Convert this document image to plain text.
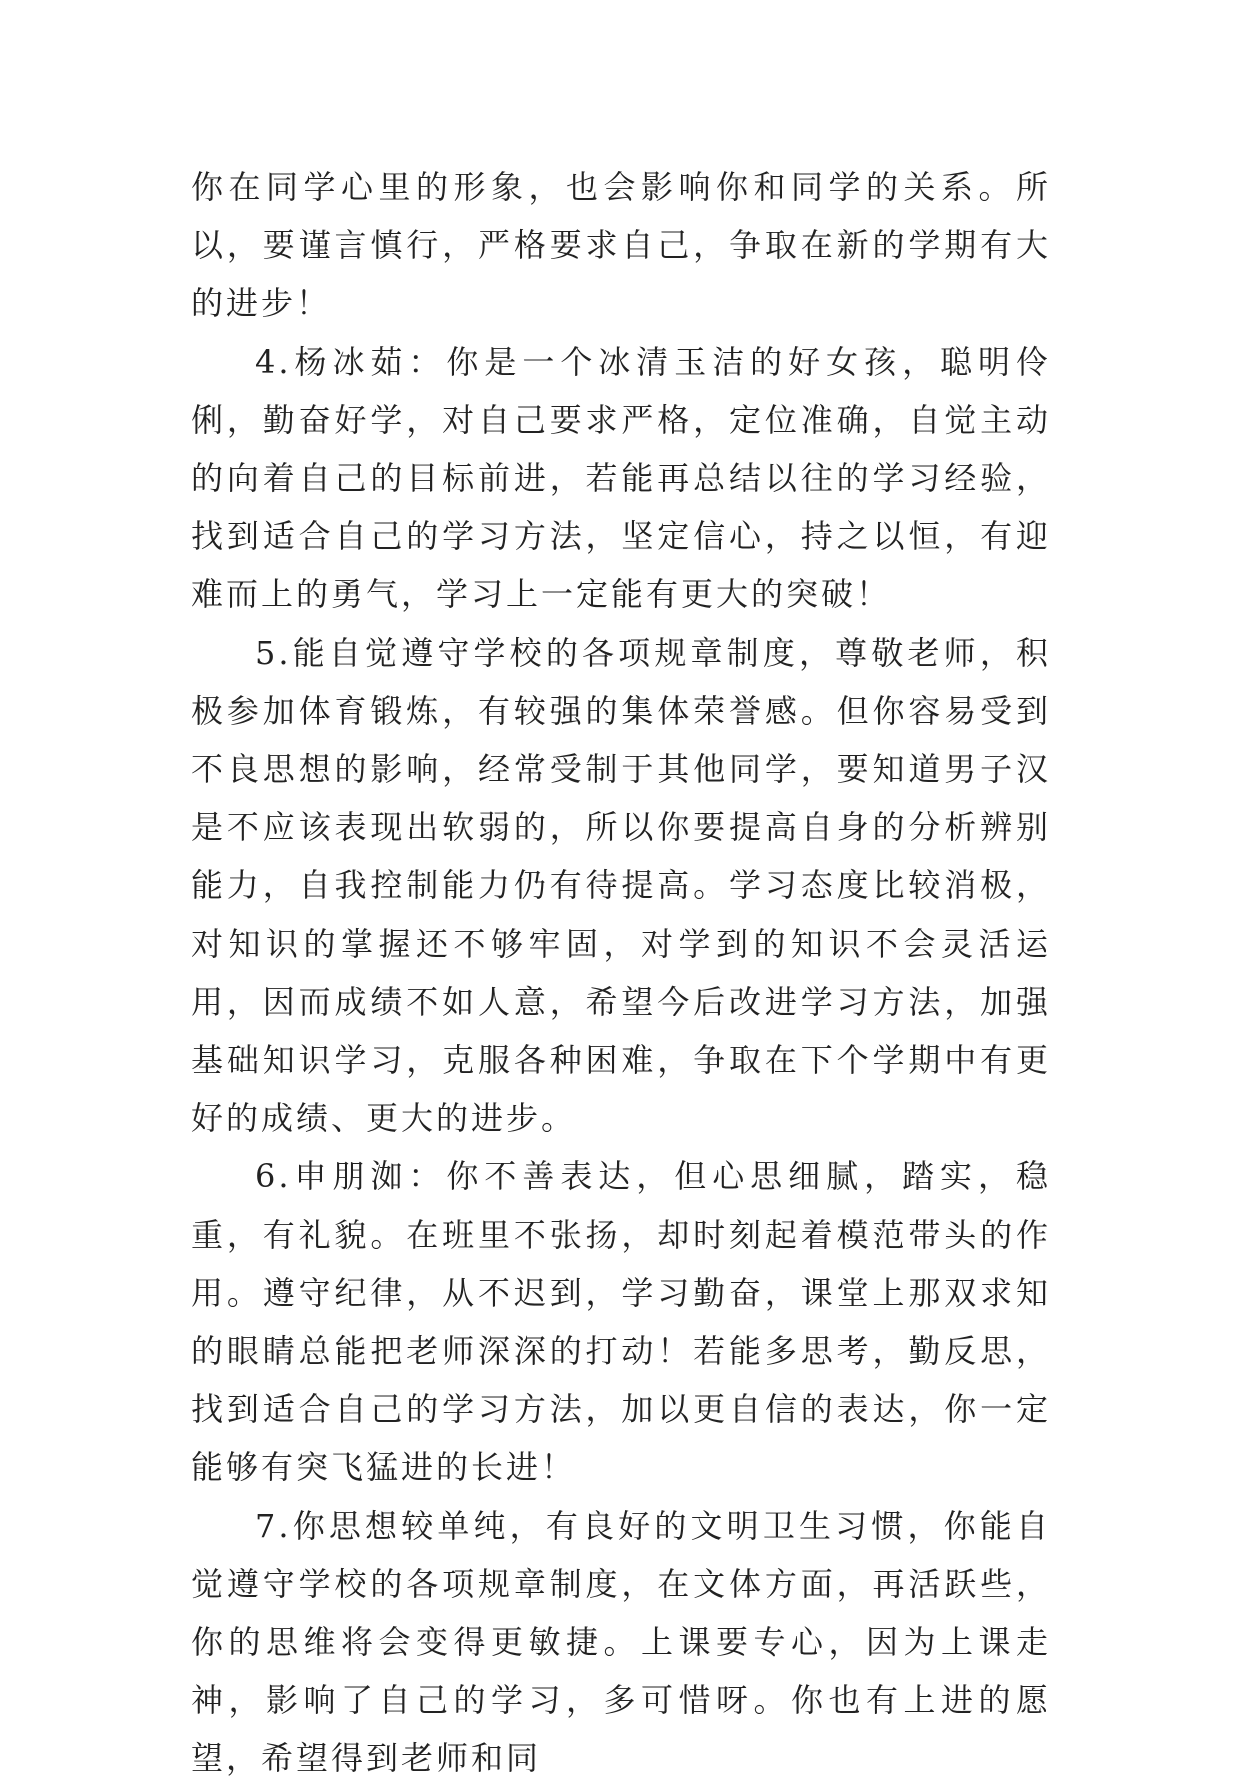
你在同学心里的形象，也会影响你和同学的关系。所以，要谨言慎行，严格要求自己，争取在新的学期有大的进步！

4.杨冰茹：你是一个冰清玉洁的好女孩，聪明伶俐，勤奋好学，对自己要求严格，定位准确，自觉主动的向着自己的目标前进，若能再总结以往的学习经验，找到适合自己的学习方法，坚定信心，持之以恒，有迎难而上的勇气，学习上一定能有更大的突破！

5.能自觉遵守学校的各项规章制度，尊敬老师，积极参加体育锻炼，有较强的集体荣誉感。但你容易受到不良思想的影响，经常受制于其他同学，要知道男子汉是不应该表现出软弱的，所以你要提高自身的分析辨别能力，自我控制能力仍有待提高。学习态度比较消极，对知识的掌握还不够牢固，对学到的知识不会灵活运用，因而成绩不如人意，希望今后改进学习方法，加强基础知识学习，克服各种困难，争取在下个学期中有更好的成绩、更大的进步。

6.申朋洳：你不善表达，但心思细腻，踏实，稳重，有礼貌。在班里不张扬，却时刻起着模范带头的作用。遵守纪律，从不迟到，学习勤奋，课堂上那双求知的眼睛总能把老师深深的打动！若能多思考，勤反思，找到适合自己的学习方法，加以更自信的表达，你一定能够有突飞猛进的长进！

7.你思想较单纯，有良好的文明卫生习惯，你能自觉遵守学校的各项规章制度，在文体方面，再活跃些，你的思维将会变得更敏捷。上课要专心，因为上课走神，影响了自己的学习，多可惜呀。你也有上进的愿望，希望得到老师和同
